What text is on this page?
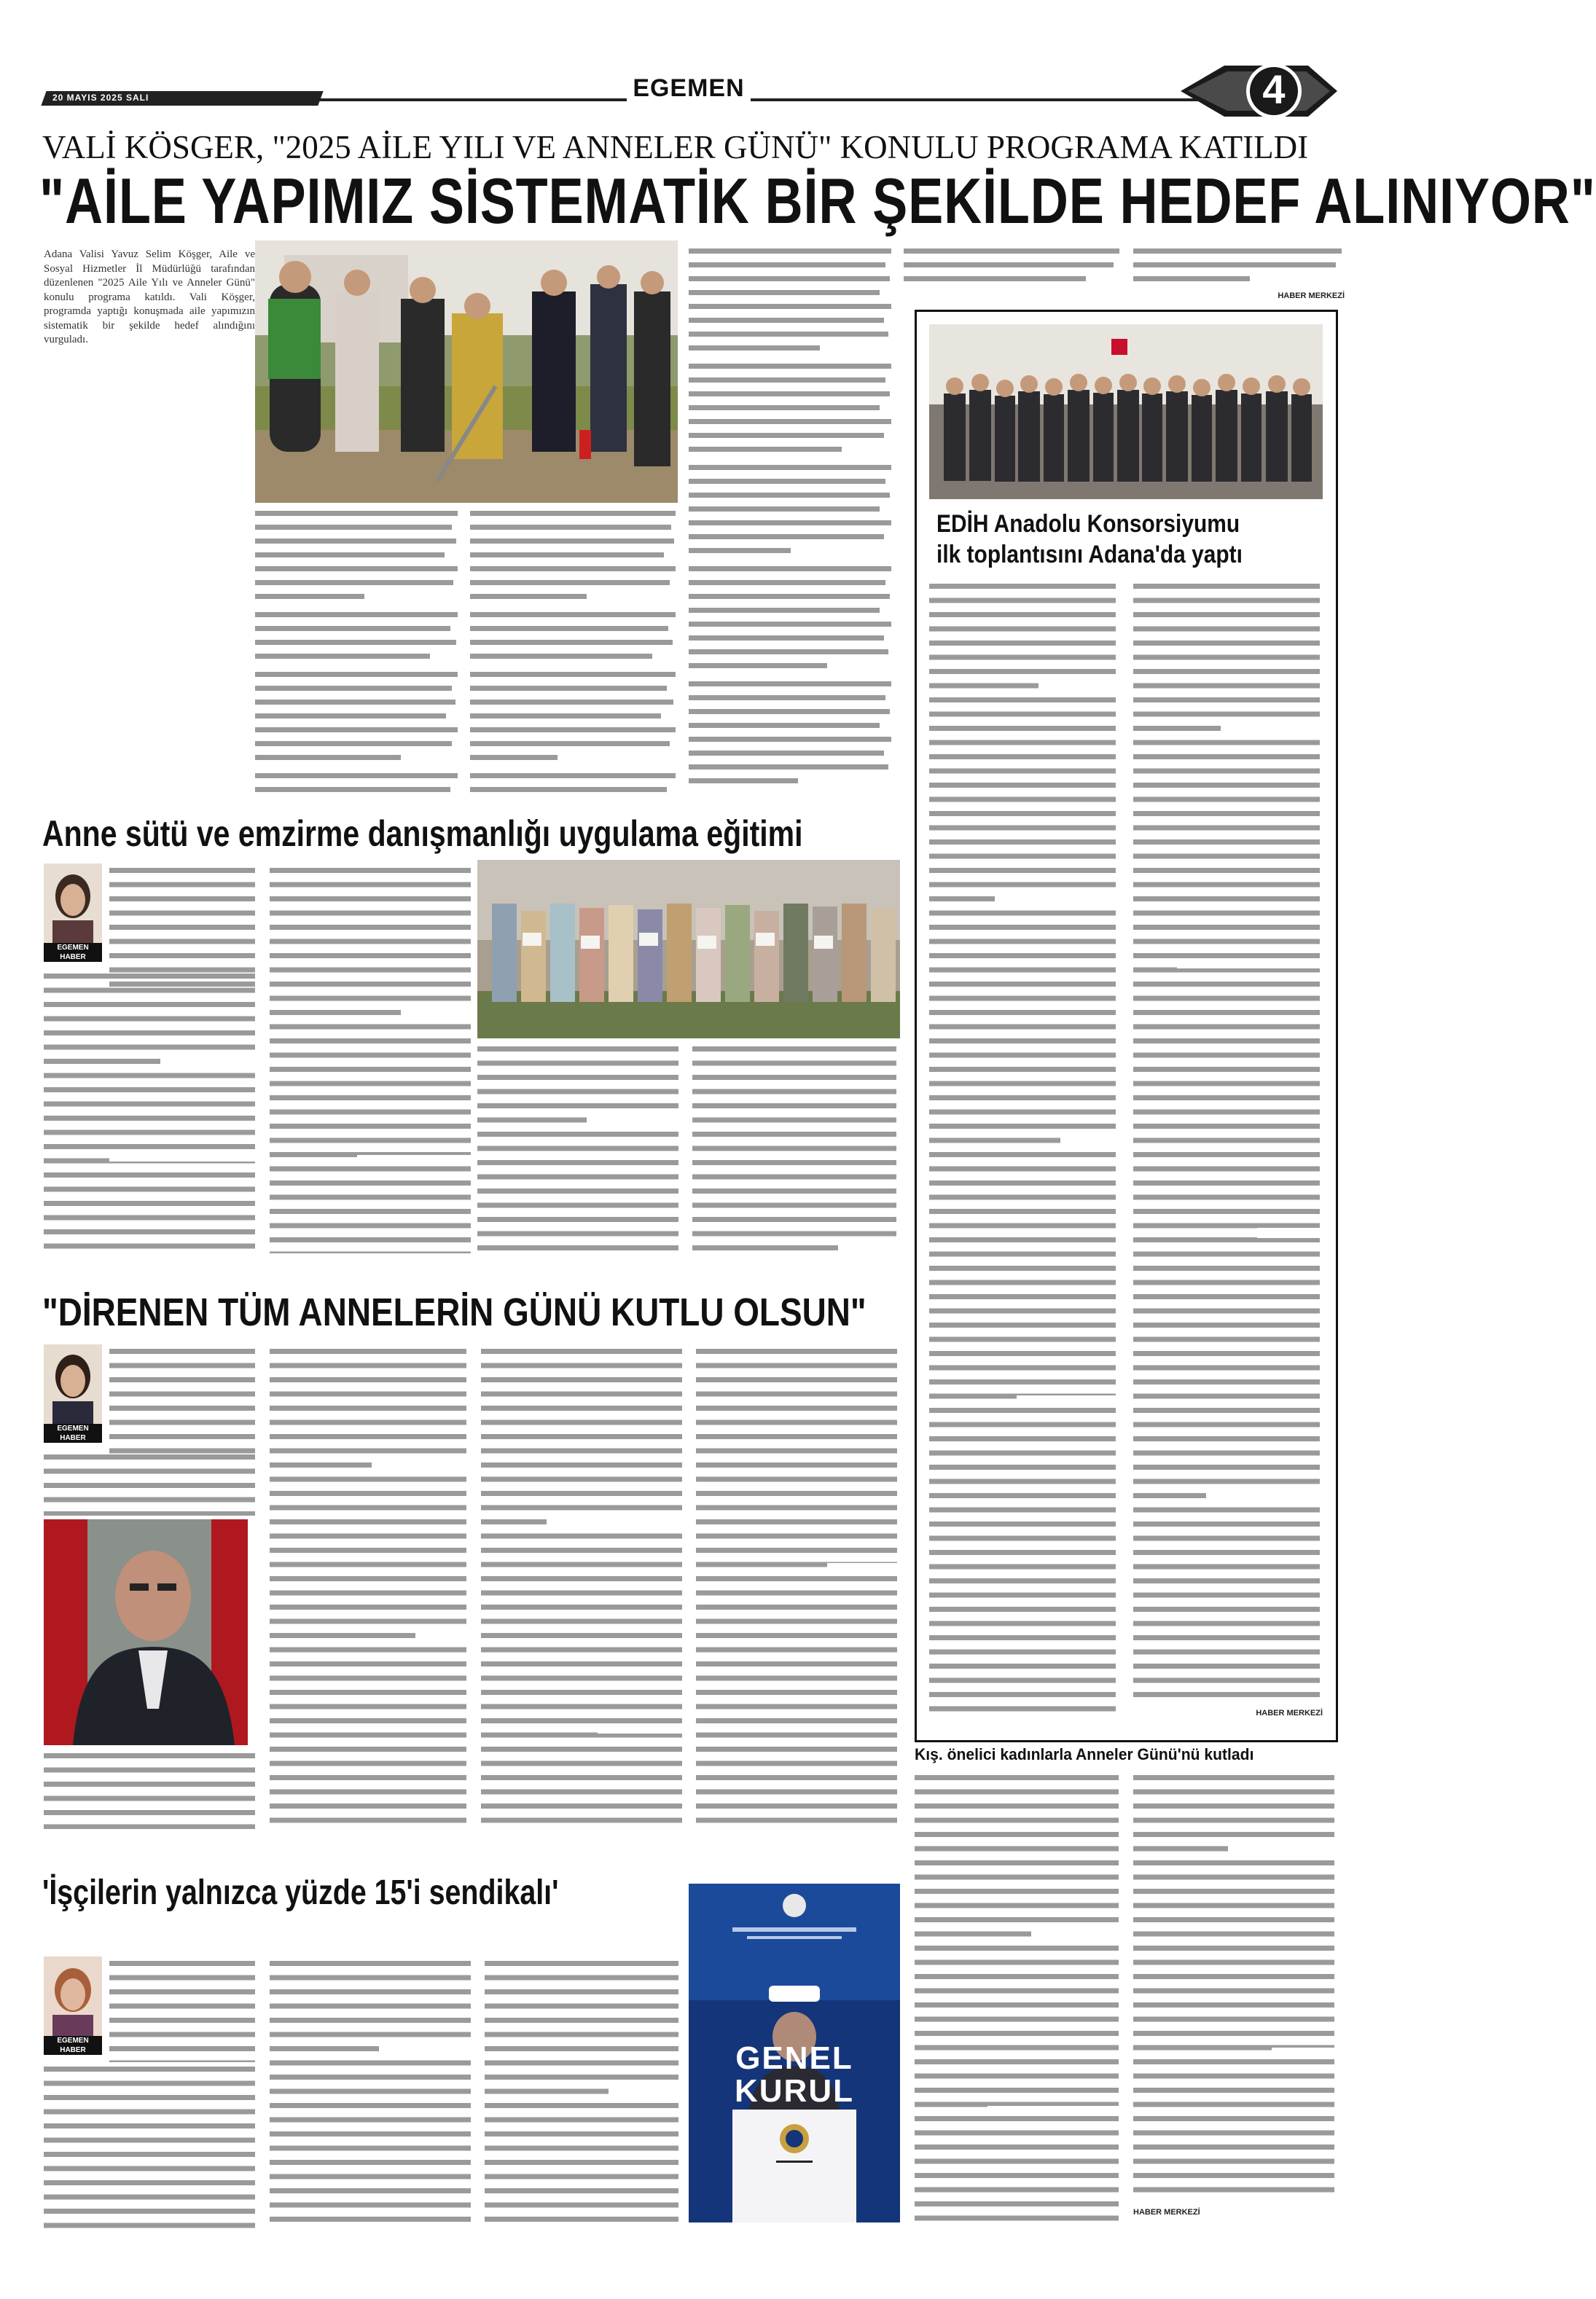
20 MAYIS 2025 SALI	EGEMEN	4
VALİ KÖSGER, "2025 AİLE YILI VE ANNELER GÜNÜ" KONULU PROGRAMA KATILDI
"AİLE YAPIMIZ SİSTEMATİK BİR ŞEKİLDE HEDEF ALINIYOR"
Adana Valisi Yavuz Selim Köşger, Aile ve Sosyal Hizmetler İl Müdürlüğü tarafından düzenlenen "2025 Aile Yılı ve Anneler Günü" konulu programa katıldı. Vali Köşger, programda yaptığı konuşmada aile yapımızın sistematik bir şekilde hedef alındığını vurguladı.
HABER MERKEZİ
EDİH Anadolu Konsorsiyumu
ilk toplantısını Adana'da yaptı
HABER MERKEZİ
Anne sütü ve emzirme danışmanlığı uygulama eğitimi
EGEMEN HABER
"DİRENEN TÜM ANNELERİN GÜNÜ KUTLU OLSUN"
EGEMEN HABER
'İşçilerin yalnızca yüzde 15'i sendikalı'
EGEMEN HABER	GENEL
KURUL
Kış. önelici kadınlarla Anneler Günü'nü kutladı
HABER MERKEZİ
